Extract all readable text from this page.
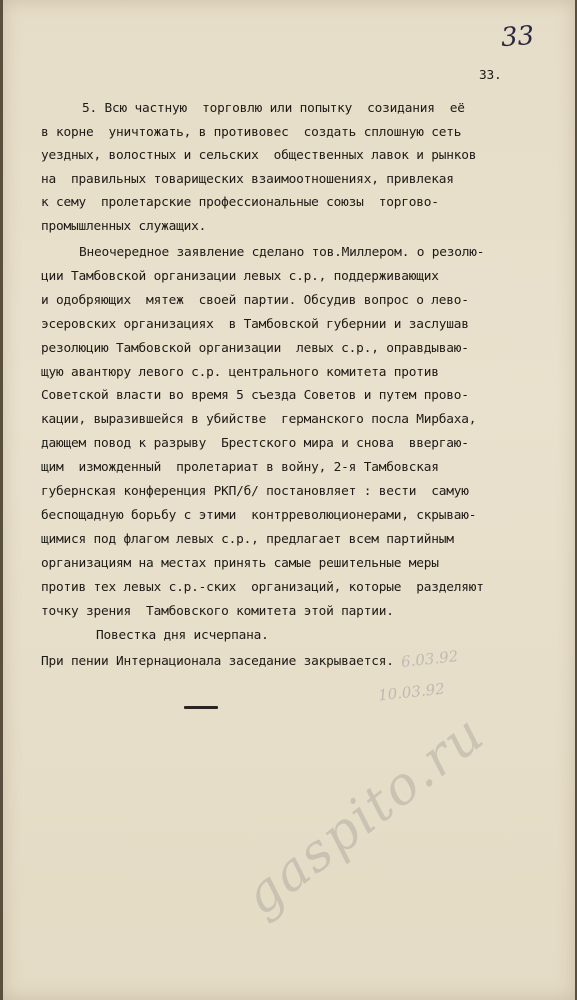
33
33.

5. Всю частную  торговлю или попытку  созидания  её

в корне  уничтожать, в противовес  создать сплошную сеть

уездных, волостных и сельских  общественных лавок и рынков

на  правильных товарищеских взаимоотношениях, привлекая

к сему  пролетарские профессиональные союзы  торгово-

промышленных служащих.

Внеочередное заявление сделано тов.Миллером. о резолю-

ции Тамбовской организации левых с.р., поддерживающих

и одобряющих  мятеж  своей партии. Обсудив вопрос о лево-

эсеровских организациях  в Тамбовской губернии и заслушав

резолюцию Тамбовской организации  левых с.р., оправдываю-

щую авантюру левого с.р. центрального комитета против

Советской власти во время 5 съезда Советов и путем прово-

кации, выразившейся в убийстве  германского посла Мирбаха,

дающем повод к разрыву  Брестского мира и снова  ввергаю-

щим  изможденный  пролетариат в войну, 2-я Тамбовская

губернская конференция РКП/б/ постановляет : вести  самую

беспощадную борьбу с этими  контрреволюционерами, скрываю-

щимися под флагом левых с.р., предлагает всем партийным

организациям на местах принять самые решительные меры

против тех левых с.р.-ских  организаций, которые  разделяют

точку зрения  Тамбовского комитета этой партии.

Повестка дня исчерпана.

При пении Интернационала заседание закрывается. 6.03.92
10.03.92
gaspito.ru
